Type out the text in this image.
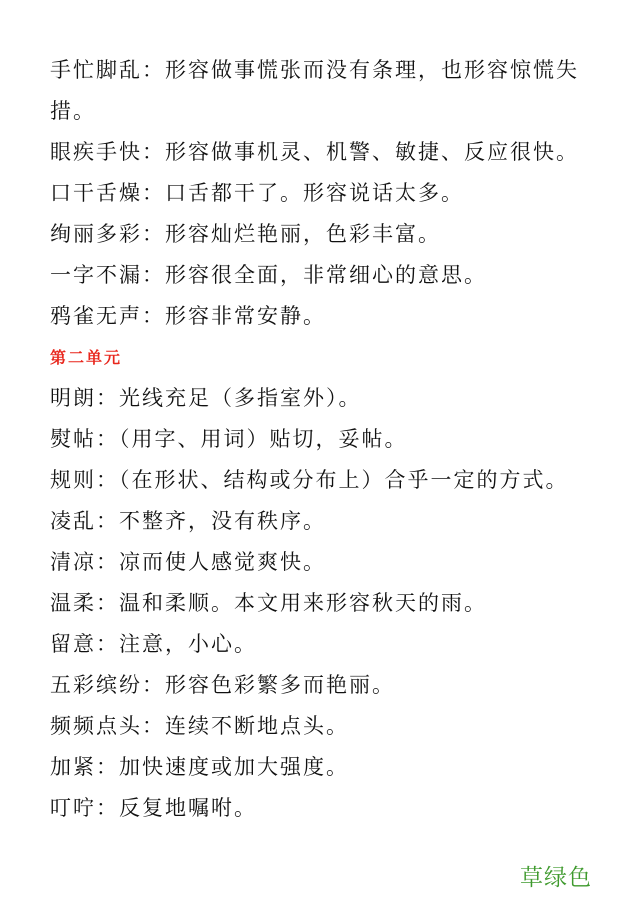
手忙脚乱 ： 形容做事慌张而没有条理，也形容惊慌失措。
眼疾手快 ： 形容做事机灵、机警、敏捷、反应很快。
口干舌燥 ： 口舌都干了。形容说话太多。
绚丽多彩 ： 形容灿烂艳丽，色彩丰富。
一字不漏 ： 形容很全面，非常细心的意思。
鸦雀无声 ： 形容非常安静。
第二单元
明朗 ： 光线充足（多指室外）。
熨帖 ： （用字、用词）贴切，妥帖。
规则 ： （在形状、结构或分布上）合乎一定的方式。
凌乱 ： 不整齐，没有秩序。
清凉 ： 凉而使人感觉爽快。
温柔 ： 温和柔顺。本文用来形容秋天的雨。
留意 ： 注意，小心。
五彩缤纷 ： 形容色彩繁多而艳丽。
频频点头 ： 连续不断地点头。
加紧 ： 加快速度或加大强度。
叮咛 ： 反复地嘱咐。
草绿色
